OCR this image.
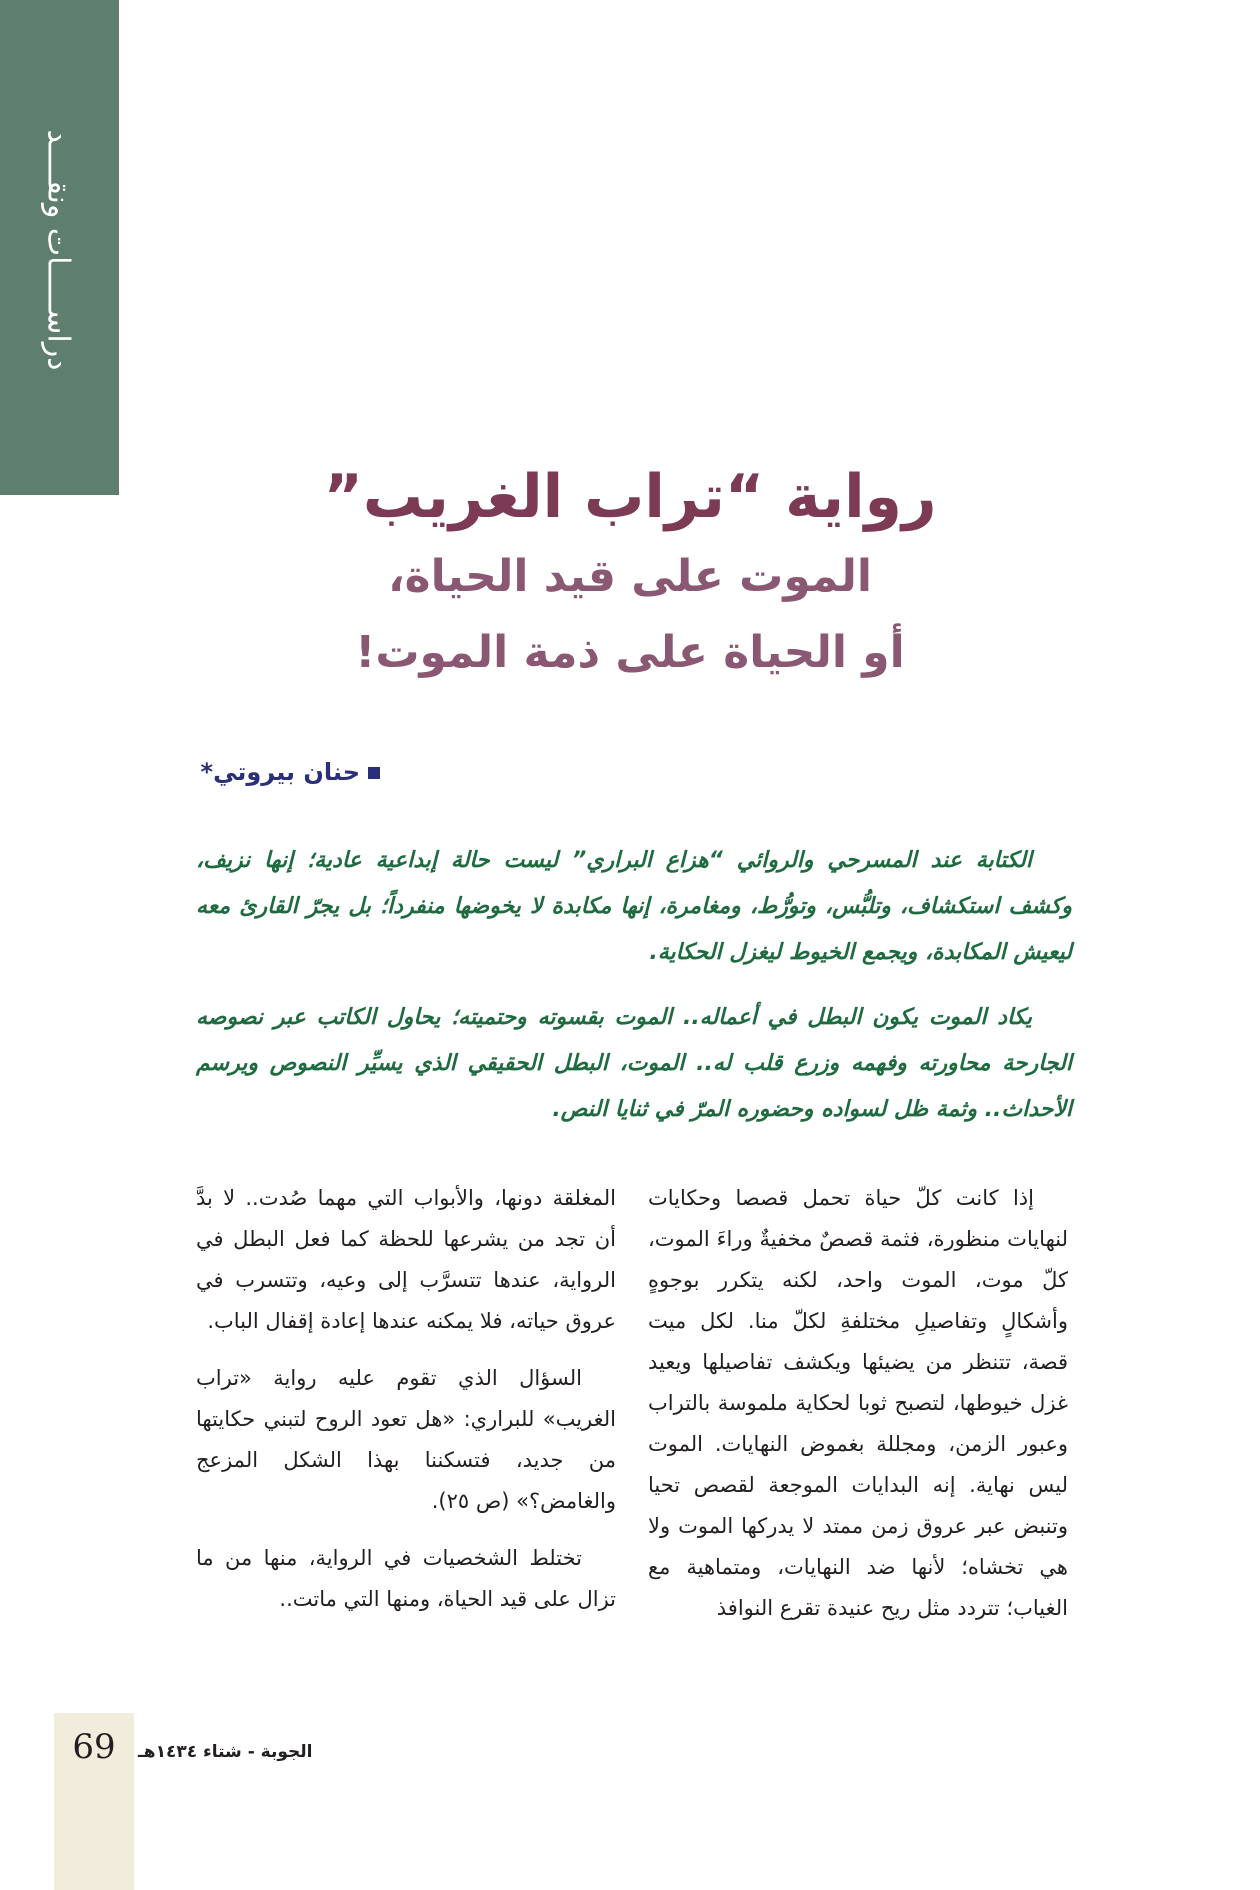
دراســـــات ونقــــد
رواية “تراب الغريب”
الموت على قيد الحياة،
أو الحياة على ذمة الموت!
حنان بيروتي*

الكتابة عند المسرحي والروائي “هزاع البراري” ليست حالة إبداعية عادية؛ إنها نزيف، وكشف استكشاف، وتلبُّس، وتورُّط، ومغامرة، إنها مكابدة لا يخوضها منفرداً؛ بل يجرّ القارئ معه ليعيش المكابدة، ويجمع الخيوط ليغزل الحكاية.

يكاد الموت يكون البطل في أعماله.. الموت بقسوته وحتميته؛ يحاول الكاتب عبر نصوصه الجارحة محاورته وفهمه وزرع قلب له.. الموت، البطل الحقيقي الذي يسيِّر النصوص ويرسم الأحداث.. وثمة ظل لسواده وحضوره المرّ في ثنايا النص.

إذا كانت كلّ حياة تحمل قصصا وحكايات لنهايات منظورة، فثمة قصصٌ مخفيةٌ وراءَ الموت، كلّ موت، الموت واحد، لكنه يتكرر بوجوهٍ وأشكالٍ وتفاصيلِ مختلفةِ لكلّ منا. لكل ميت قصة، تتنظر من يضيئها ويكشف تفاصيلها ويعيد غزل خيوطها، لتصبح ثوبا لحكاية ملموسة بالتراب وعبور الزمن، ومجللة بغموض النهايات. الموت ليس نهاية. إنه البدايات الموجعة لقصص تحيا وتنبض عبر عروق زمن ممتد لا يدركها الموت ولا هي تخشاه؛ لأنها ضد النهايات، ومتماهية مع الغياب؛ تتردد مثل ريح عنيدة تقرع النوافذ

المغلقة دونها، والأبواب التي مهما صُدت.. لا بدَّ أن تجد من يشرعها للحظة كما فعل البطل في الرواية، عندها تتسرَّب إلى وعيه، وتتسرب في عروق حياته، فلا يمكنه عندها إعادة إقفال الباب.

السؤال الذي تقوم عليه رواية «تراب الغريب» للبراري: «هل تعود الروح لتبني حكايتها من جديد، فتسكننا بهذا الشكل المزعج والغامض؟» (ص ٢٥).

تختلط الشخصيات في الرواية، منها من ما تزال على قيد الحياة، ومنها التي ماتت..

69	الجوبة - شتاء ١٤٣٤هـ
